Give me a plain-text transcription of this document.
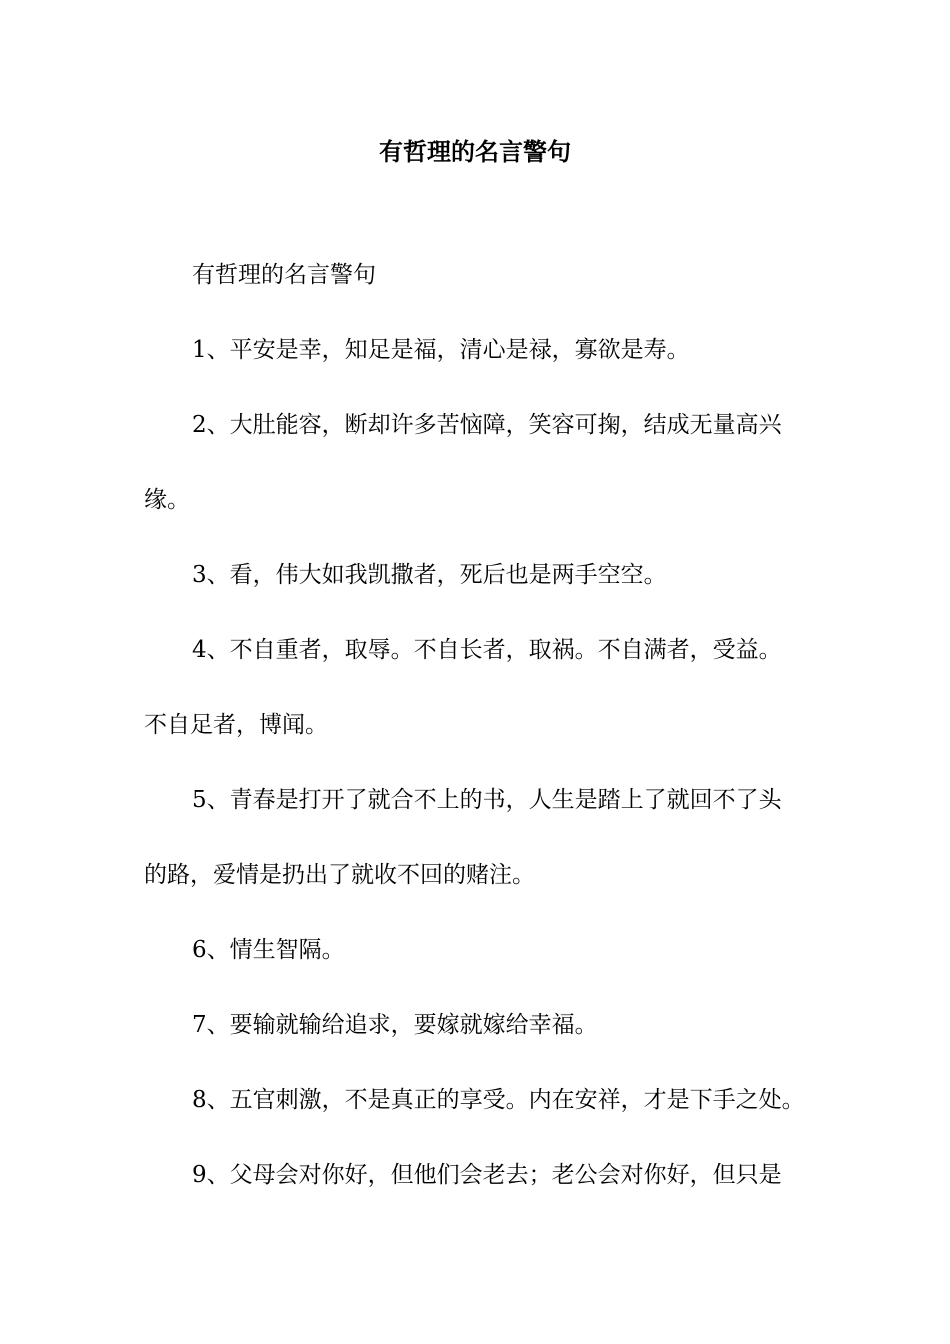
有哲理的名言警句

有哲理的名言警句

1、平安是幸，知足是福，清心是禄，寡欲是寿。

2、大肚能容，断却许多苦恼障，笑容可掬，结成无量高兴
缘。

3、看，伟大如我凯撒者，死后也是两手空空。

4、不自重者，取辱。不自长者，取祸。不自满者，受益。
不自足者，博闻。

5、青春是打开了就合不上的书，人生是踏上了就回不了头
的路，爱情是扔出了就收不回的赌注。

6、情生智隔。

7、要输就输给追求，要嫁就嫁给幸福。

8、五官刺激，不是真正的享受。内在安祥，才是下手之处。

9、父母会对你好，但他们会老去；老公会对你好，但只是
